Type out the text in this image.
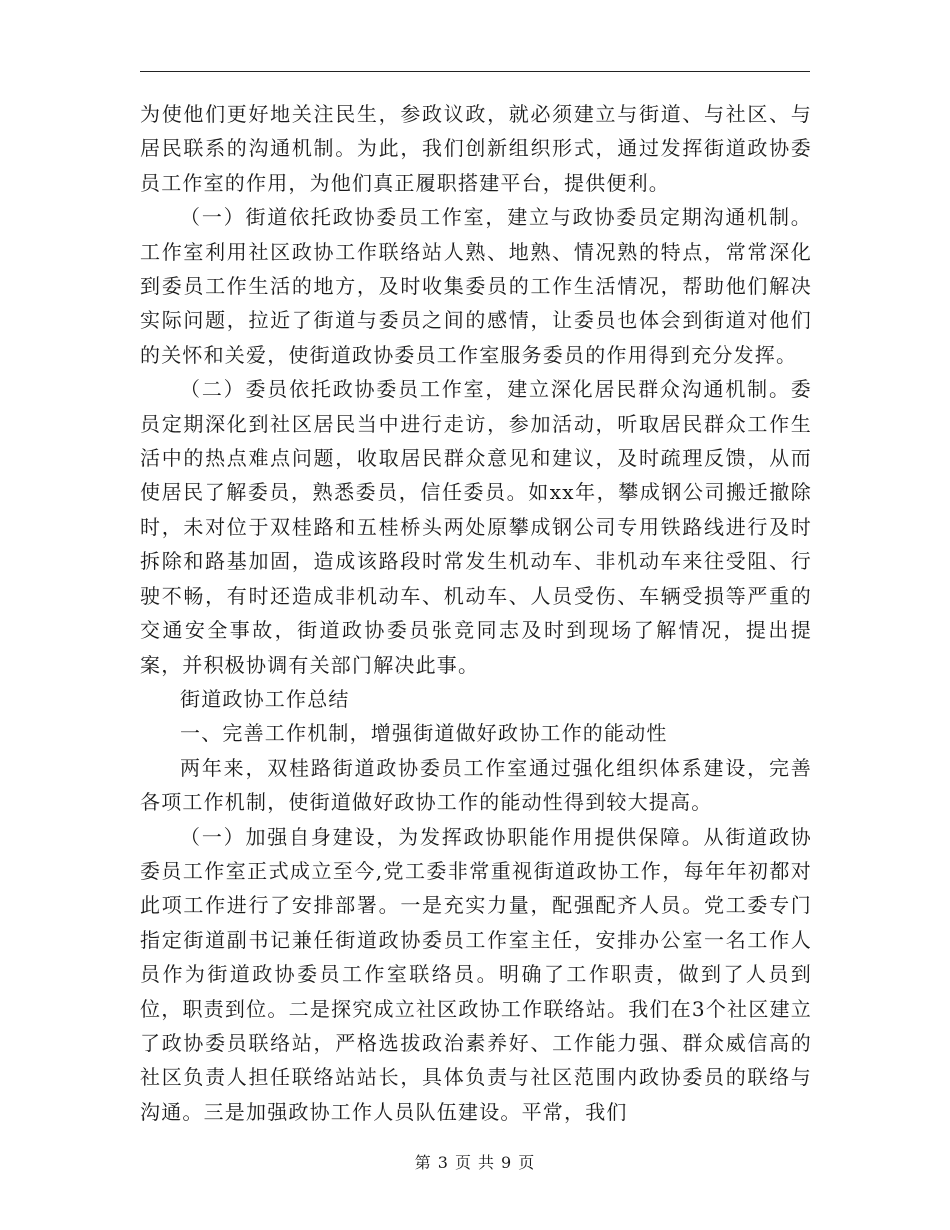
为使他们更好地关注民生，参政议政，就必须建立与街道、与社区、与居民联系的沟通机制。为此，我们创新组织形式，通过发挥街道政协委员工作室的作用，为他们真正履职搭建平台，提供便利。

（一）街道依托政协委员工作室，建立与政协委员定期沟通机制。工作室利用社区政协工作联络站人熟、地熟、情况熟的特点，常常深化到委员工作生活的地方，及时收集委员的工作生活情况，帮助他们解决实际问题，拉近了街道与委员之间的感情，让委员也体会到街道对他们的关怀和关爱，使街道政协委员工作室服务委员的作用得到充分发挥。

（二）委员依托政协委员工作室，建立深化居民群众沟通机制。委员定期深化到社区居民当中进行走访，参加活动，听取居民群众工作生活中的热点难点问题，收取居民群众意见和建议，及时疏理反馈，从而使居民了解委员，熟悉委员，信任委员。如xx年，攀成钢公司搬迁撤除时，未对位于双桂路和五桂桥头两处原攀成钢公司专用铁路线进行及时拆除和路基加固，造成该路段时常发生机动车、非机动车来往受阻、行驶不畅，有时还造成非机动车、机动车、人员受伤、车辆受损等严重的交通安全事故，街道政协委员张竞同志及时到现场了解情况，提出提案，并积极协调有关部门解决此事。

街道政协工作总结

一、完善工作机制，增强街道做好政协工作的能动性

两年来，双桂路街道政协委员工作室通过强化组织体系建设，完善各项工作机制，使街道做好政协工作的能动性得到较大提高。

（一）加强自身建设，为发挥政协职能作用提供保障。从街道政协委员工作室正式成立至今,党工委非常重视街道政协工作，每年年初都对此项工作进行了安排部署。一是充实力量，配强配齐人员。党工委专门指定街道副书记兼任街道政协委员工作室主任，安排办公室一名工作人员作为街道政协委员工作室联络员。明确了工作职责，做到了人员到位，职责到位。二是探究成立社区政协工作联络站。我们在3个社区建立了政协委员联络站，严格选拔政治素养好、工作能力强、群众威信高的社区负责人担任联络站站长，具体负责与社区范围内政协委员的联络与沟通。三是加强政协工作人员队伍建设。平常，我们

第 3 页 共 9 页
